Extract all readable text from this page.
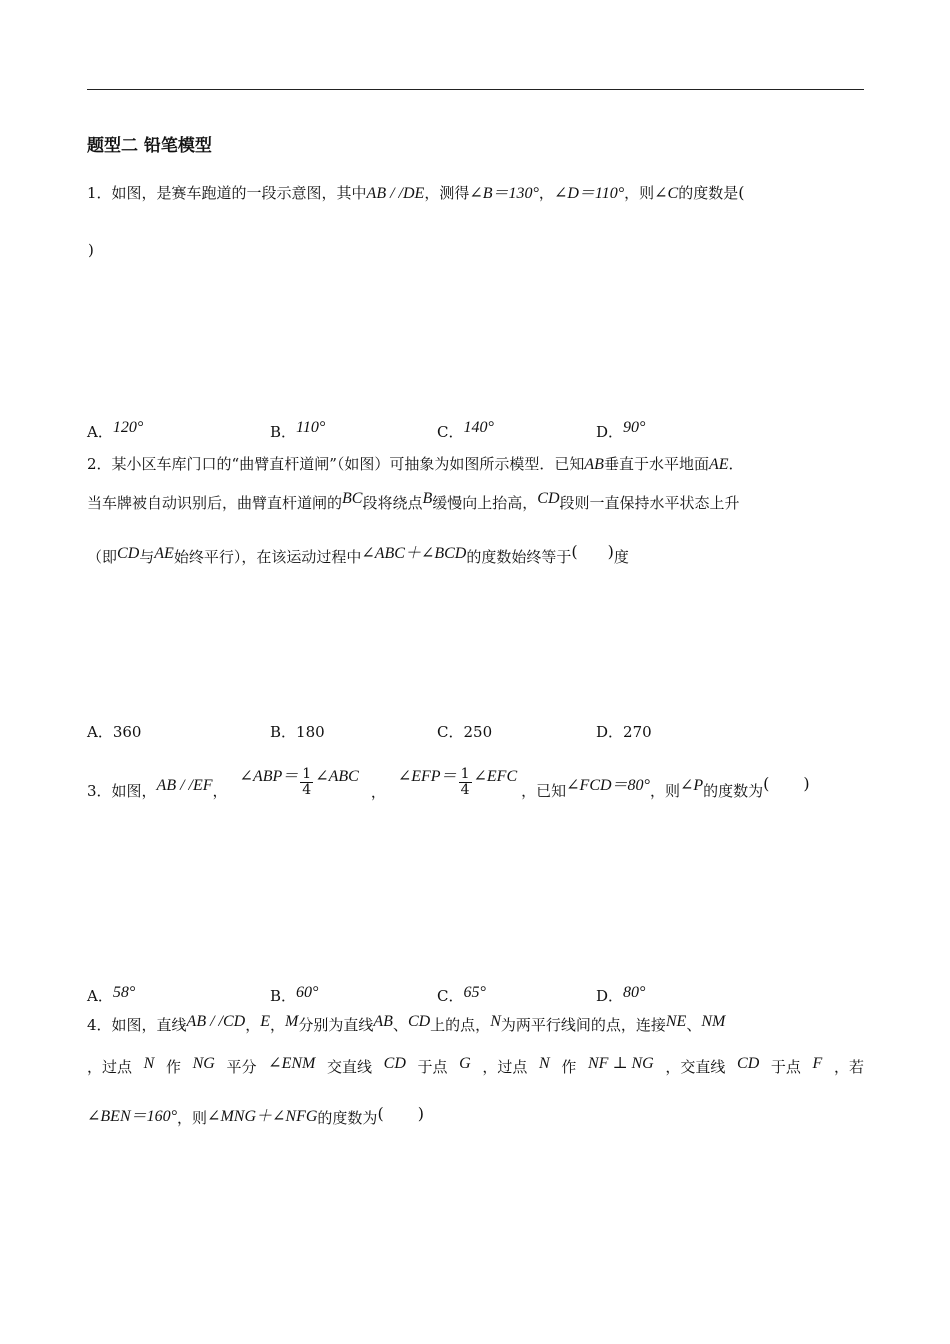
题型二 铅笔模型
1．如图，是赛车跑道的一段示意图，其中AB / /DE，测得∠B＝130°，∠D＝110°，则∠C的度数是(
)
A．120°	B．110°	C．140°	D．90°
2．某小区车库门口的“曲臂直杆道闸”（如图）可抽象为如图所示模型．已知AB垂直于水平地面AE．
当车牌被自动识别后，曲臂直杆道闸的BC段将绕点B缓慢向上抬高，CD段则一直保持水平状态上升
（即CD与AE始终平行），在该运动过程中∠ABC＋∠BCD的度数始终等于( )度
A．360	B．180	C．250	D．270
3．如图， AB / /EF ，
∠ABP＝ $\frac{1}{4}$ ∠ABC
，
∠EFP＝ $\frac{1}{4}$ ∠EFC
，已知 ∠FCD＝80° ，则 ∠P 的度数为 ( )
A．58°	B．60°	C．65°	D．80°
4．如图，直线AB / /CD，E，M分别为直线AB、CD上的点，N为两平行线间的点，连接NE、NM
，过点 N 作 NG 平分 ∠ENM 交直线 CD 于点 G ，过点 N 作 NF ⊥ NG ，交直线 CD 于点 F ，若
∠BEN＝160°，则∠MNG＋∠NFG的度数为( )
